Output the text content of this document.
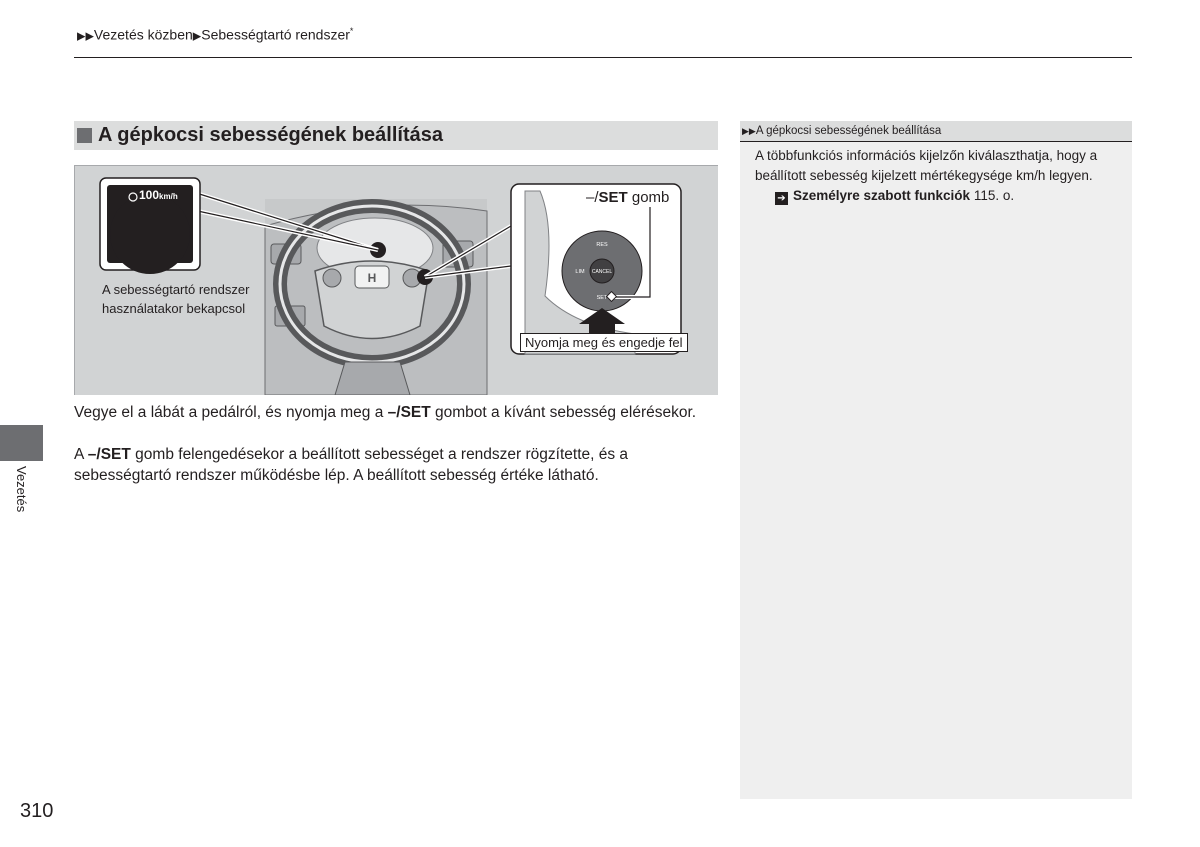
▶▶Vezetés közben▶Sebességtartó rendszer*
A gépkocsi sebességének beállítása
H
RES
LIM CANCEL
SET
100km/h
A sebességtartó rendszer használatakor bekapcsol
–/SET gomb
Nyomja meg és engedje fel
Vegye el a lábát a pedálról, és nyomja meg a –/SET gombot a kívánt sebesség elérésekor.
A –/SET gomb felengedésekor a beállított sebességet a rendszer rögzítette, és a sebességtartó rendszer működésbe lép. A beállított sebesség értéke látható.
▶▶A gépkocsi sebességének beállítása
A többfunkciós információs kijelzőn kiválaszthatja, hogy a beállított sebesség kijelzett mértékegysége km/h legyen.
➔ Személyre szabott funkciók 115. o.
Vezetés
310
